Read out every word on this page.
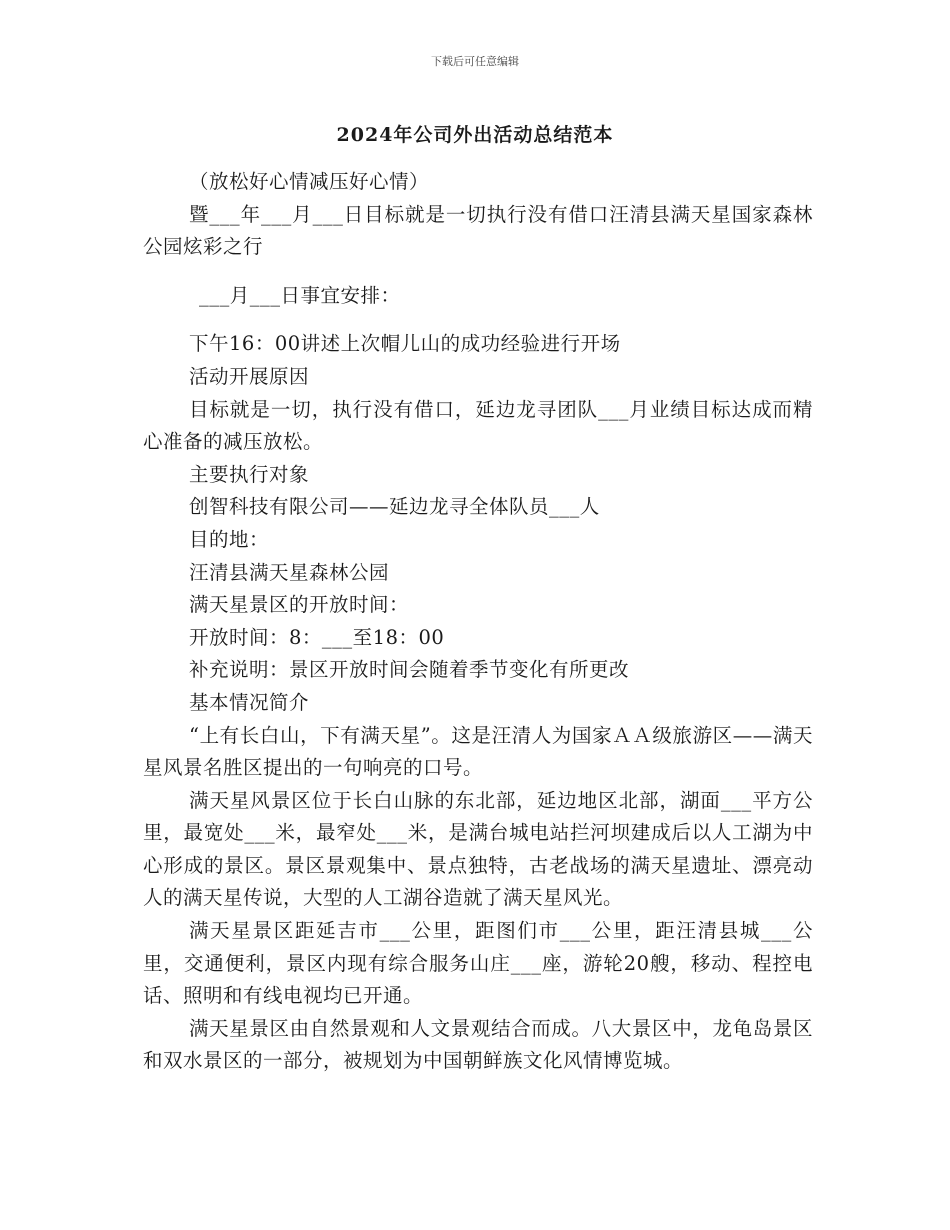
下载后可任意编辑
2024年公司外出活动总结范本

（放松好心情减压好心情）

暨___年___月___日目标就是一切执行没有借口汪清县满天星国家森林公园炫彩之行

___月___日事宜安排：

下午16：00讲述上次帽儿山的成功经验进行开场

活动开展原因

目标就是一切，执行没有借口，延边龙寻团队___月业绩目标达成而精心准备的减压放松。

主要执行对象

创智科技有限公司——延边龙寻全体队员___人

目的地：

汪清县满天星森林公园

满天星景区的开放时间：

开放时间：8：___至18：00

补充说明：景区开放时间会随着季节变化有所更改

基本情况简介

“上有长白山，下有满天星”。这是汪清人为国家ＡＡ级旅游区——满天星风景名胜区提出的一句响亮的口号。

满天星风景区位于长白山脉的东北部，延边地区北部，湖面___平方公里，最宽处___米，最窄处___米，是满台城电站拦河坝建成后以人工湖为中心形成的景区。景区景观集中、景点独特，古老战场的满天星遗址、漂亮动人的满天星传说，大型的人工湖谷造就了满天星风光。

满天星景区距延吉市___公里，距图们市___公里，距汪清县城___公里，交通便利，景区内现有综合服务山庄___座，游轮20艘，移动、程控电话、照明和有线电视均已开通。

满天星景区由自然景观和人文景观结合而成。八大景区中，龙龟岛景区和双水景区的一部分，被规划为中国朝鲜族文化风情博览城。
